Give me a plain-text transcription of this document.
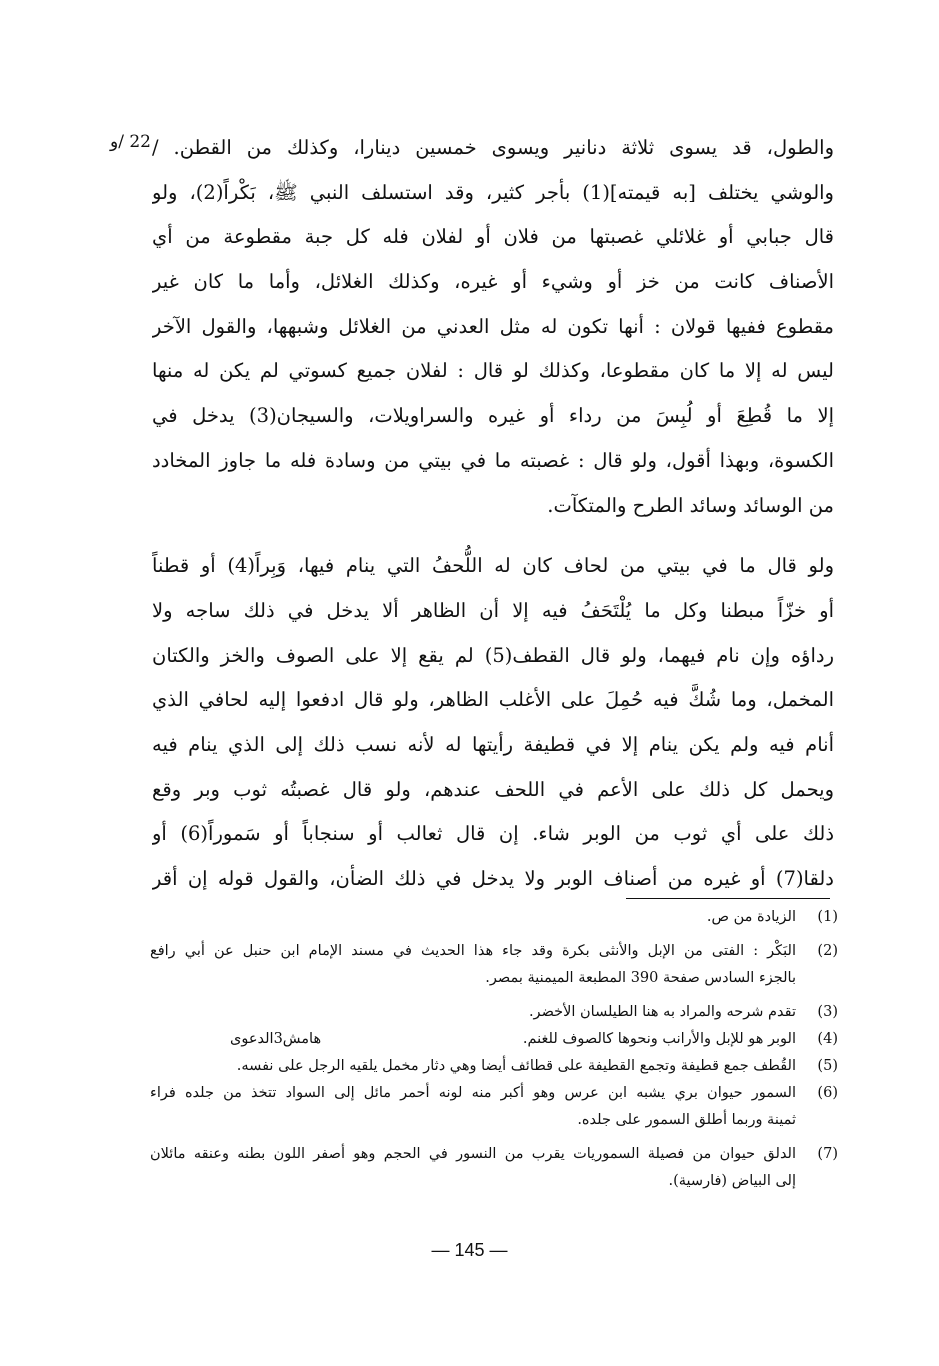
22 /و والطول، قد يسوى ثلاثة دنانير ويسوى خمسين دينارا، وكذلك من القطن. /
والوشي يختلف [به قيمته](1) بأجر كثير، وقد استسلف النبي ﷺ، بَكْراً(2)، ولو
قال جبابي أو غلائلي غصبتها من فلان أو لفلان فله كل جبة مقطوعة من أي
الأصناف كانت من خز أو وشيء أو غيره، وكذلك الغلائل، وأما ما كان غير
مقطوع ففيها قولان : أنها تكون له مثل العدني من الغلائل وشبهها، والقول الآخر
ليس له إلا ما كان مقطوعا، وكذلك لو قال : لفلان جميع كسوتي لم يكن له منها
إلا ما قُطِعَ أو لُبِسَ من رداء أو غيره والسراويلات، والسيجان(3) يدخل في
الكسوة، وبهذا أقول، ولو قال : غصبته ما في بيتي من وسادة فله ما جاوز المخادد
من الوسائد وسائد الطرح والمتكآت.
ولو قال ما في بيتي من لحاف كان له اللُّحفُ التي ينام فيها، وَبِراً(4) أو قطناً
أو خزّاً مبطنا وكل ما يُلْتَحَفُ فيه إلا أن الظاهر ألا يدخل في ذلك ساجه ولا
رداؤه وإن نام فيهما، ولو قال القطف(5) لم يقع إلا على الصوف والخز والكتان
المخمل، وما شُكَّ فيه حُمِلَ على الأغلب الظاهر، ولو قال ادفعوا إليه لحافي الذي
أنام فيه ولم يكن ينام إلا في قطيفة رأيتها له لأنه نسب ذلك إلى الذي ينام فيه
ويحمل كل ذلك على الأعم في اللحف عندهم، ولو قال غصبتُه ثوب وبر وقع
ذلك على أي ثوب من الوبر شاء. إن قال ثعالب أو سنجاباً أو سَموراً(6) أو
دلقا(7) أو غيره من أصناف الوبر ولا يدخل في ذلك الضأن، والقول قوله إن أقر
(1)
الزيادة من ص.
(2)
البَكْر : الفتى من الإبل والأنثى بكرة وقد جاء هذا الحديث في مسند الإمام ابن حنبل عن أبي رافع
بالجزء السادس صفحة 390 المطبعة الميمنية بمصر.
(3)
تقدم شرحه والمراد به هنا الطيلسان الأخضر.
(4)
الوبر هو للإبل والأرانب ونحوها كالصوف للغنم.
هامش3الدعوى
(5)
القُطف جمع قطيفة وتجمع القطيفة على قطائف أيضا وهي دثار مخمل يلقيه الرجل على نفسه.
(6)
السمور حيوان بري يشبه ابن عرس وهو أكبر منه لونه أحمر مائل إلى السواد تتخذ من جلده فراء
ثمينة وربما أطلق السمور على جلده.
(7)
الدلق حيوان من فصيلة السموريات يقرب من النسور في الحجم وهو أصفر اللون بطنه وعنقه مائلان
إلى البياض (فارسية).
— 145 —
